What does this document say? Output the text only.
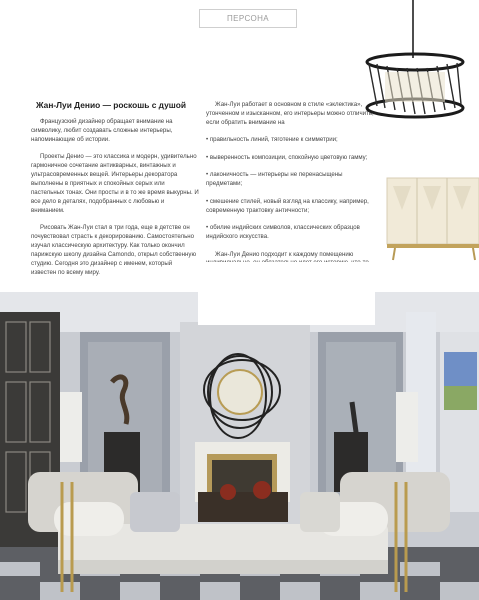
ПЕРСОНА
Жан-Луи Денио — роскошь с душой

Французский дизайнер обращает внимание на символику, любит создавать сложные интерьеры, напоминающие об истории.

Проекты Денио — это классика и модерн, удивительно гармоничное сочетание антикварных, винтажных и ультрасовременных вещей. Интерьеры декоратора выполнены в приятных и спокойных серых или пастельных тонах. Они просты и в то же время выкурны. И все дело в деталях, подобранных с любовью и вниманием.

Рисовать Жан-Луи стал в три года, еще в детстве он почувствовал страсть к декорированию. Самостоятельно изучал классическую архитектуру. Как только окончил парижскую школу дизайна Camondo, открыл собственную студию. Сегодня это дизайнер с именем, который известен по всему миру.

Жан-Луи работает в основном в стиле «эклектика», утонченном и изысканном, его интерьеры можно отличить, если обратить внимание на

• правильность линий, тяготение к симметрии;
• выверенность композиции, спокойную цветовую гамму;
• лаконичность — интерьеры не перенасыщены предметами;
• смешение стилей, новый взгляд на классику, например, современную трактовку античности;
• обилие индийских символов, классических образцов индийского искусства.

Жан-Луи Денио подходит к каждому помещению
